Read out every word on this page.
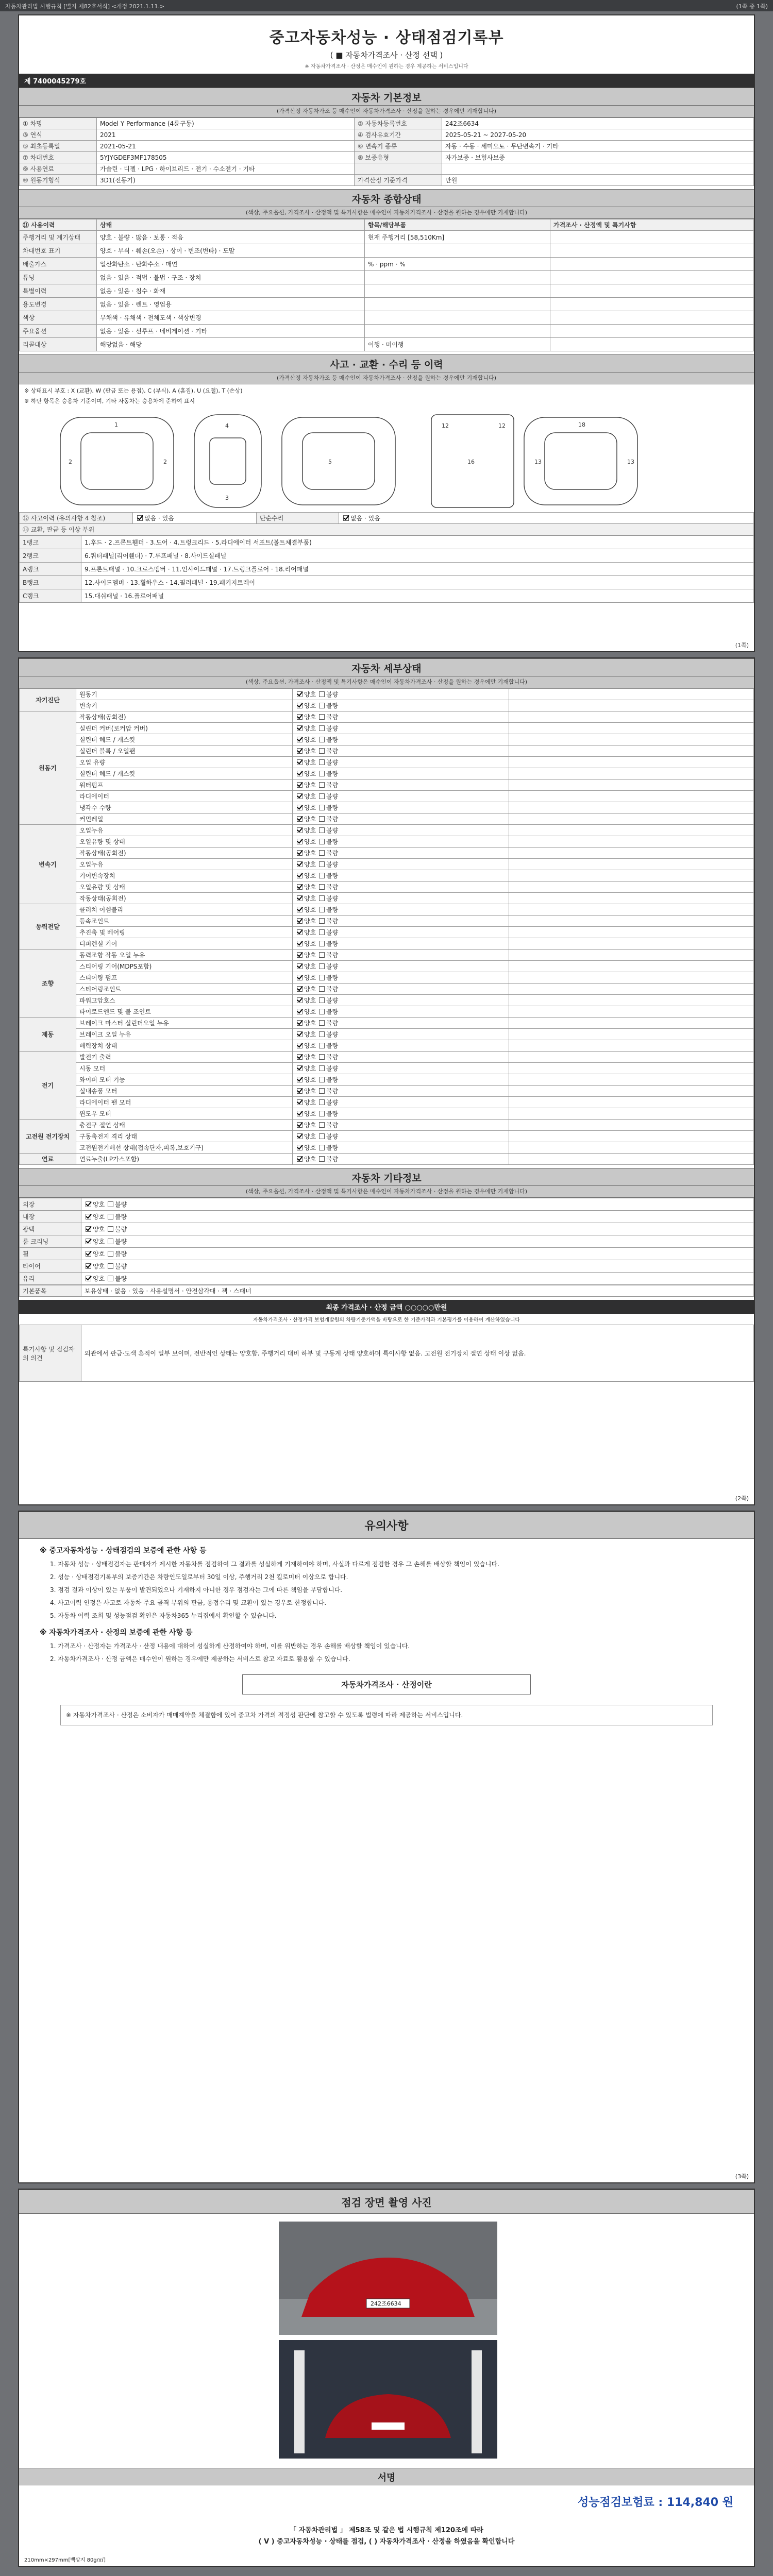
자동차관리법 시행규칙 [별지 제82호서식] <개정 2021.1.11.>	(1쪽 중 1쪽)
중고자동차성능 · 상태점검기록부
( ■ 자동차가격조사 · 산정 선택 )
※ 자동차가격조사 · 산정은 매수인이 원하는 경우 제공하는 서비스입니다
제 7400045279호
자동차 기본정보
(가격산정 자동차가조 등 매수인이 자동차가격조사 · 산정을 원하는 경우에만 기재합니다)
① 차명	Model Y Performance (4륜구동)	② 자동차등록번호	242조6634
③ 연식	2021	④ 검사유효기간	2025-05-21 ~ 2027-05-20
⑤ 최초등록일	2021-05-21	⑥ 변속기 종류	자동 · 수동 · 세미오토 · 무단변속기 · 기타
⑦ 차대번호	5YJYGDEF3MF178505	⑧ 보증유형	자가보증 · 보험사보증
⑨ 사용연료	가솔린 · 디젤 · LPG · 하이브리드 · 전기 · 수소전기 · 기타		
⑩ 원동기형식	3D1(전동기)	가격산정 기준가격	만원
자동차 종합상태
(색상, 주요옵션, 가격조사 · 산정액 및 특기사항은 매수인이 자동차가격조사 · 산정을 원하는 경우에만 기재합니다)
⑪ 사용이력	상태	항목/해당부품	가격조사 · 산정액 및 특기사항
주행거리 및 계기상태	양호 · 불량 · 많음 · 보통 · 적음	현재 주행거리 [58,510Km]	
차대번호 표기	양호 · 부식 · 훼손(오손) · 상이 · 변조(변타) · 도말		
배출가스	일산화탄소 · 탄화수소 · 매연	% · ppm · %	
튜닝	없음 · 있음 · 적법 · 불법 · 구조 · 장치		
특별이력	없음 · 있음 · 침수 · 화재		
용도변경	없음 · 있음 · 렌트 · 영업용		
색상	무채색 · 유채색 · 전체도색 · 색상변경		
주요옵션	없음 · 있음 · 선루프 · 네비게이션 · 기타		
리콜대상	해당없음 · 해당	이행 · 미이행	
사고 · 교환 · 수리 등 이력
(가격산정 자동차가조 등 매수인이 자동차가격조사 · 산정을 원하는 경우에만 기재합니다)
※ 상태표시 부호 : X (교환), W (판금 또는 용접), C (부식), A (흠집), U (요철), T (손상)
※ 하단 항목은 승용차 기준이며, 기타 자동차는 승용차에 준하여 표시
1
2	2
4
3
5	16
12	12	18
13	13
⑫ 사고이력 (유의사항 4 참조)	없음 · 있음	단순수리	없음 · 있음
⑬ 교환, 판금 등 이상 부위
1랭크	1.후드 · 2.프론트휀더 · 3.도어 · 4.트렁크리드 · 5.라디에이터 서포트(볼트체결부품)
2랭크	6.쿼터패널(리어휀더) · 7.루프패널 · 8.사이드실패널
A랭크	9.프론트패널 · 10.크로스멤버 · 11.인사이드패널 · 17.트렁크플로어 · 18.리어패널
B랭크	12.사이드멤버 · 13.휠하우스 · 14.필러패널 · 19.패키지트레이
C랭크	15.대쉬패널 · 16.플로어패널
(1쪽)
자동차 세부상태
(색상, 주요옵션, 가격조사 · 산정액 및 특기사항은 매수인이 자동차가격조사 · 산정을 원하는 경우에만 기재합니다)
자기진단	원동기	양호 불량	
	변속기	양호 불량	
원동기	작동상태(공회전)	양호 불량	
	실린더 커버(로커암 커버)	양호 불량	
	실린더 헤드 / 개스킷	양호 불량	
	실린더 블록 / 오일팬	양호 불량	
	오일 유량	양호 불량	
	실린더 헤드 / 개스킷	양호 불량	
	워터펌프	양호 불량	
	라디에이터	양호 불량	
	냉각수 수량	양호 불량	
	커먼레일	양호 불량	
변속기	오일누유	양호 불량	
	오일유량 및 상태	양호 불량	
	작동상태(공회전)	양호 불량	
	오일누유	양호 불량	
	기어변속장치	양호 불량	
	오일유량 및 상태	양호 불량	
	작동상태(공회전)	양호 불량	
동력전달	클러치 어셈블리	양호 불량	
	등속조인트	양호 불량	
	추진축 및 베어링	양호 불량	
	디퍼렌셜 기어	양호 불량	
조향	동력조향 작동 오일 누유	양호 불량	
	스티어링 기어(MDPS포함)	양호 불량	
	스티어링 펌프	양호 불량	
	스티어링조인트	양호 불량	
	파워고압호스	양호 불량	
	타이로드엔드 및 볼 조인트	양호 불량	
제동	브레이크 마스터 실린더오일 누유	양호 불량	
	브레이크 오일 누유	양호 불량	
	배력장치 상태	양호 불량	
전기	발전기 출력	양호 불량	
	시동 모터	양호 불량	
	와이퍼 모터 기능	양호 불량	
	실내송풍 모터	양호 불량	
	라디에이터 팬 모터	양호 불량	
	윈도우 모터	양호 불량	
고전원 전기장치	충전구 절연 상태	양호 불량	
	구동축전지 격리 상태	양호 불량	
	고전원전기배선 상태(접속단자,피복,보호기구)	양호 불량	
연료	연료누출(LP가스포함)	양호 불량	
자동차 기타정보
(색상, 주요옵션, 가격조사 · 산정액 및 특기사항은 매수인이 자동차가격조사 · 산정을 원하는 경우에만 기재합니다)
외장	양호 불량
내장	양호 불량
광택	양호 불량
룸 크리닝	양호 불량
휠	양호 불량
타이어	양호 불량
유리	양호 불량
기본품목	보유상태 · 없음 · 있음 · 사용설명서 · 안전삼각대 · 잭 · 스패너
최종 가격조사 · 산정 금액 ○○○○○만원
자동차가격조사 · 산정가격 보험개발원의 차량기준가액을 바탕으로 한 기준가격과 기본평가를 이용하여 계산하였습니다
특기사항 및 점검자의 의견	외관에서 판금·도색 흔적이 일부 보이며, 전반적인 상태는 양호함. 주행거리 대비 하부 및 구동계 상태 양호하며 특이사항 없음. 고전원 전기장치 절연 상태 이상 없음.
(2쪽)
유의사항
※ 중고자동차성능 · 상태점검의 보증에 관한 사항 등

1. 자동차 성능 · 상태점검자는 판매자가 제시한 자동차를 점검하여 그 결과를 성실하게 기재하여야 하며, 사실과 다르게 점검한 경우 그 손해를 배상할 책임이 있습니다.

2. 성능 · 상태점검기록부의 보증기간은 차량인도일로부터 30일 이상, 주행거리 2천 킬로미터 이상으로 합니다.

3. 점검 결과 이상이 있는 부품이 발견되었으나 기재하지 아니한 경우 점검자는 그에 따른 책임을 부담합니다.

4. 사고이력 인정은 사고로 자동차 주요 골격 부위의 판금, 용접수리 및 교환이 있는 경우로 한정합니다.

5. 자동차 이력 조회 및 성능점검 확인은 자동차365 누리집에서 확인할 수 있습니다.

※ 자동차가격조사 · 산정의 보증에 관한 사항 등

1. 가격조사 · 산정자는 가격조사 · 산정 내용에 대하여 성실하게 산정하여야 하며, 이를 위반하는 경우 손해를 배상할 책임이 있습니다.

2. 자동차가격조사 · 산정 금액은 매수인이 원하는 경우에만 제공하는 서비스로 참고 자료로 활용할 수 있습니다.

자동차가격조사 · 산정이란
※ 자동차가격조사 · 산정은 소비자가 매매계약을 체결함에 있어 중고차 가격의 적정성 판단에 참고할 수 있도록 법령에 따라 제공하는 서비스입니다.
(3쪽)
점검 장면 촬영 사진
242조6634
서명
성능점검보험료 : 114,840 원
「 자동차관리법 」 제58조 및 같은 법 시행규칙 제120조에 따라
( V ) 중고자동차성능 · 상태를 점검, ( ) 자동차가격조사 · 산정을 하였음을 확인합니다
210mm×297mm[백상지 80g/㎡]
